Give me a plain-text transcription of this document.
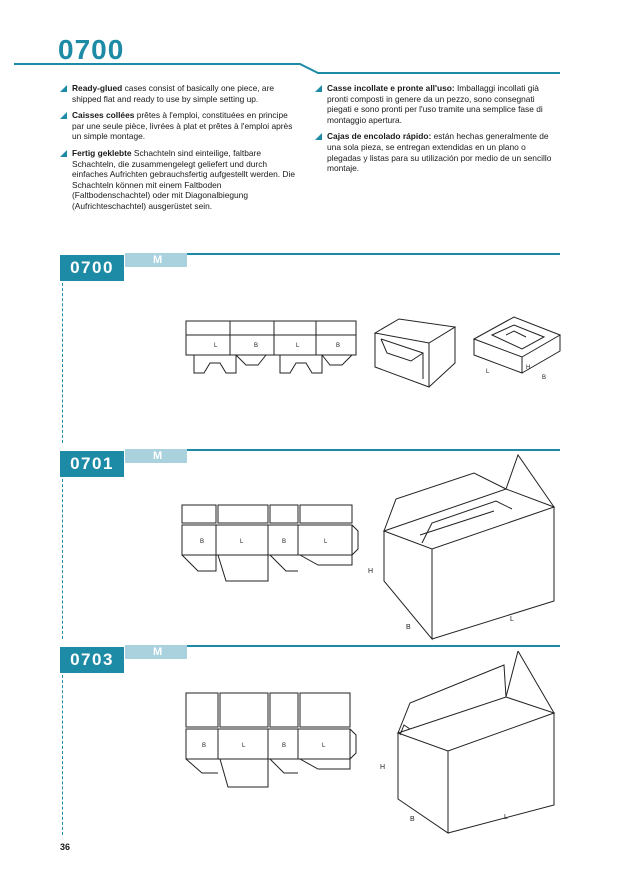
0700
Ready-glued cases consist of basically one piece, are shipped flat and ready to use by simple setting up.
Caisses collées prêtes à l'emploi, constituées en principe par une seule pièce, livrées à plat et prêtes à l'emploi après un simple montage.
Fertig geklebte Schachteln sind einteilige, faltbare Schachteln, die zusammengelegt geliefert und durch einfaches Aufrichten gebrauchsfertig aufgestellt werden. Die Schachteln können mit einem Faltboden (Faltbodenschachtel) oder mit Diagonalbiegung (Aufrichteschachtel) ausgerüstet sein.
Casse incollate e pronte all'uso: Imballaggi incollati già pronti composti in genere da un pezzo, sono consegnati piegati e sono pronti per l'uso tramite una semplice fase di montaggio apertura.
Cajas de encolado rápido: están hechas generalmente de una sola pieza, se entregan extendidas en un plano o plegadas y listas para su utilización por medio de un sencillo montaje.
0700	M
L	B	L	B
L
H
B
0701	M
B	L	B	L
H
B
L
0703	M
B	L	B	L
H
B	L
36
